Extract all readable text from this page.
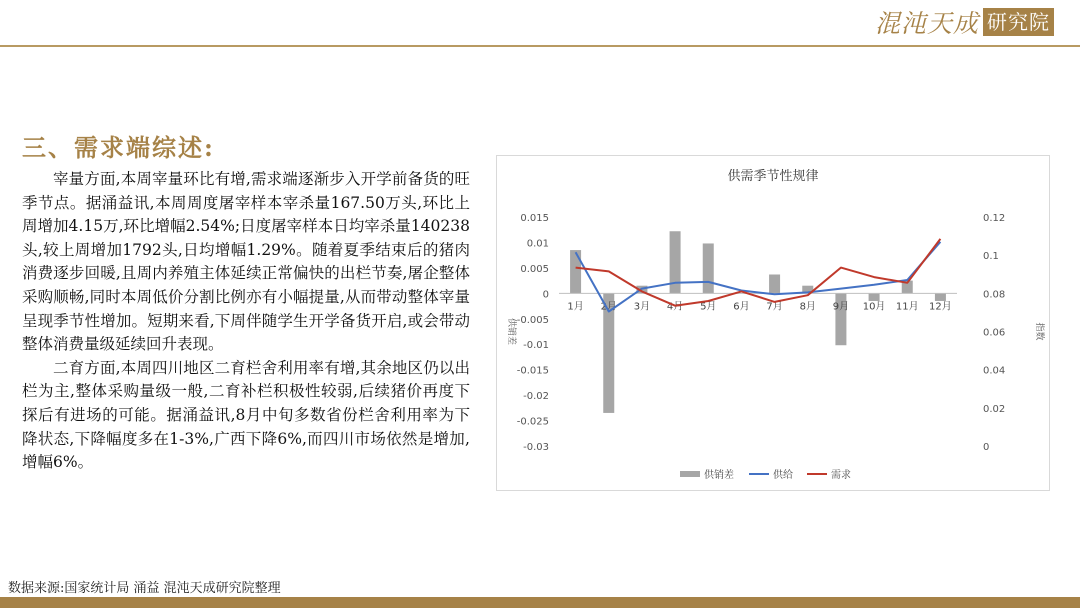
混沌天成 研究院
三、需求端综述:

宰量方面,本周宰量环比有增,需求端逐渐步入开学前备货的旺季节点。据涌益讯,本周周度屠宰样本宰杀量167.50万头,环比上周增加4.15万,环比增幅2.54%;日度屠宰样本日均宰杀量140238头,较上周增加1792头,日均增幅1.29%。随着夏季结束后的猪肉消费逐步回暖,且周内养殖主体延续正常偏快的出栏节奏,屠企整体采购顺畅,同时本周低价分割比例亦有小幅提量,从而带动整体宰量呈现季节性增加。短期来看,下周伴随学生开学备货开启,或会带动整体消费量级延续回升表现。

二育方面,本周四川地区二育栏舍利用率有增,其余地区仍以出栏为主,整体采购量级一般,二育补栏积极性较弱,后续猪价再度下探后有进场的可能。据涌益讯,8月中旬多数省份栏舍利用率为下降状态,下降幅度多在1-3%,广西下降6%,而四川市场依然是增加,增幅6%。

供需季节性规律
0.015
0.01
0.005
0
-0.005
-0.01
-0.015
-0.02
-0.025
-0.03
0.12
0.1
0.08
0.06
0.04
0.02
0
供销差	指数
1月 2月 3月 4月 5月 6月 7月 8月 9月 10月 11月 12月
供销差	供给	需求
数据来源:国家统计局 涌益 混沌天成研究院整理
